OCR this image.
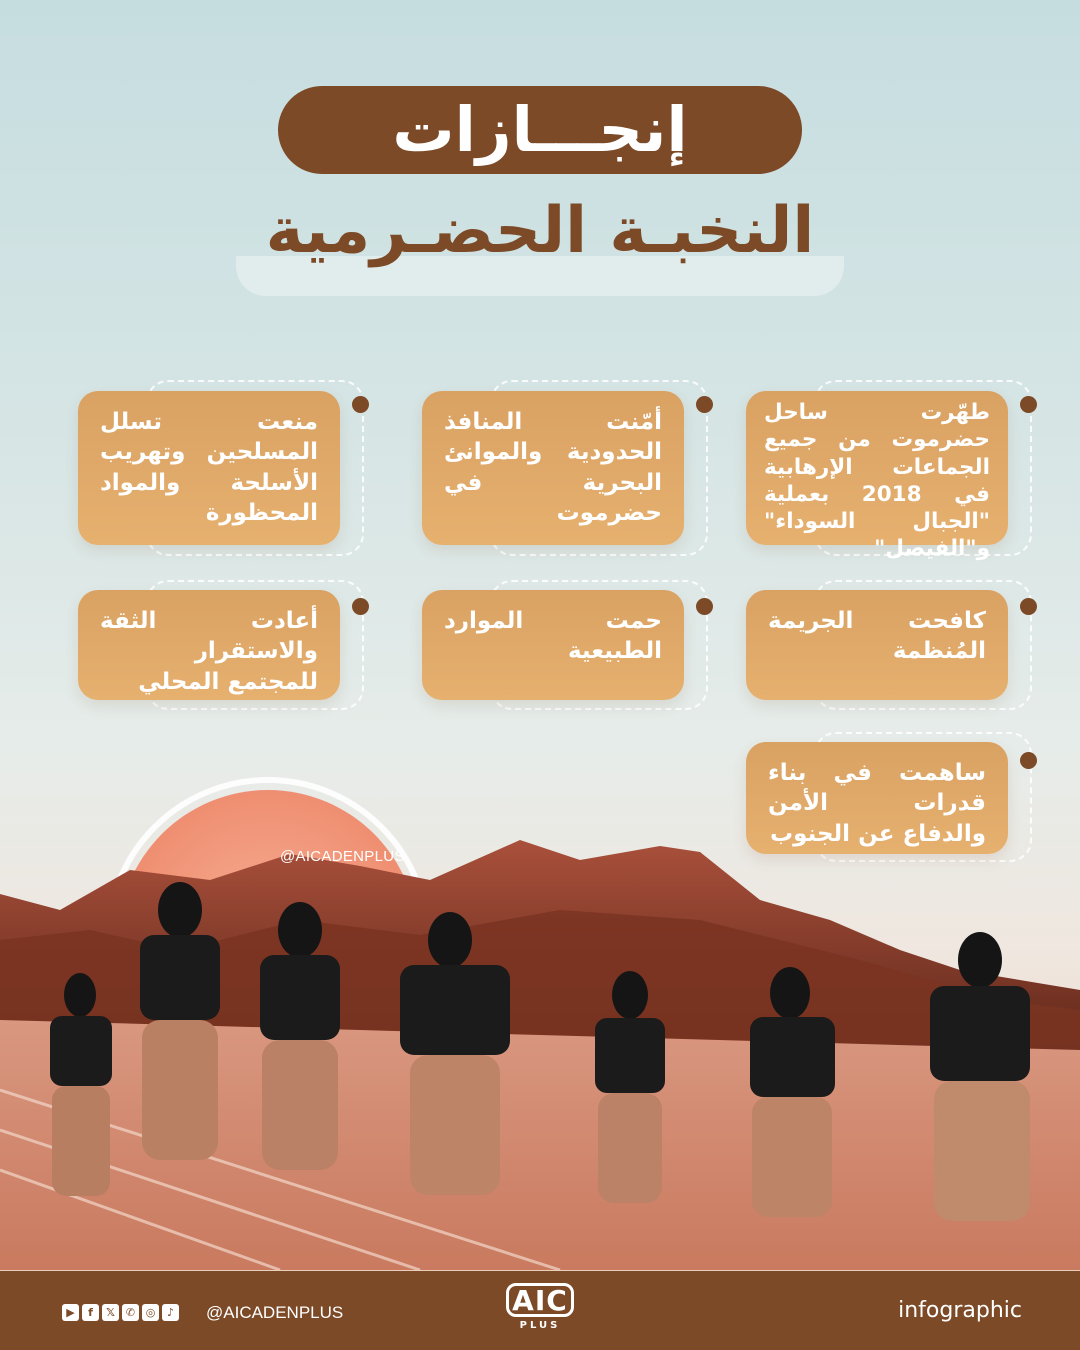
إنجـــازات
النخبـة الحضـرمية
طهّرت ساحل حضرموت من جميع الجماعات الإرهابية في 2018 بعملية "الجبال السوداء" و"الفيصل"
أمّنت المنافذ الحدودية والموانئ البحرية في حضرموت
منعت تسلل المسلحين وتهريب الأسلحة والمواد المحظورة
كافحت الجريمة المُنظمة
حمت الموارد الطبيعية
أعادت الثقة والاستقرار للمجتمع المحلي
ساهمت في بناء قدرات الأمن والدفاع عن الجنوب
@AICADENPLUS
▶	f	𝕏 ✆ ◎	♪ @AICADENPLUS	AIC
PLUS
infographic
